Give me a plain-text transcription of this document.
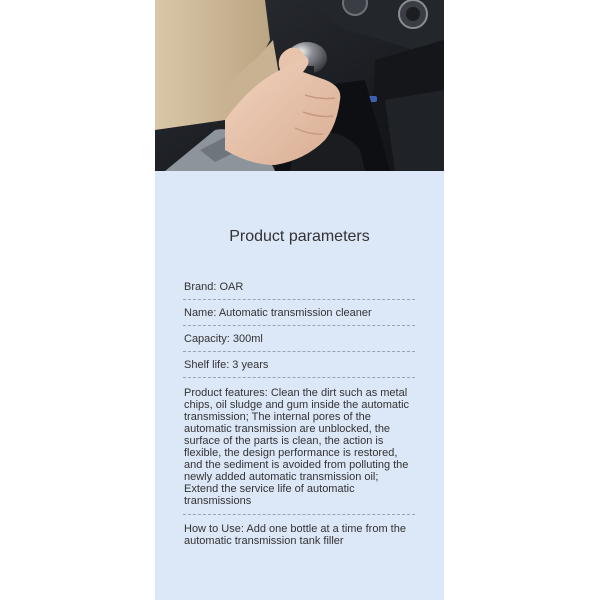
Product parameters
Brand: OAR
Name: Automatic transmission cleaner
Capacity: 300ml
Shelf life: 3 years
Product features: Clean the dirt such as metal chips, oil sludge and gum inside the automatic transmission; The internal pores of the automatic transmission are unblocked, the surface of the parts is clean, the action is flexible, the design performance is restored, and the sediment is avoided from polluting the newly added automatic transmission oil; Extend the service life of automatic transmissions
How to Use: Add one bottle at a time from the automatic transmission tank filler
